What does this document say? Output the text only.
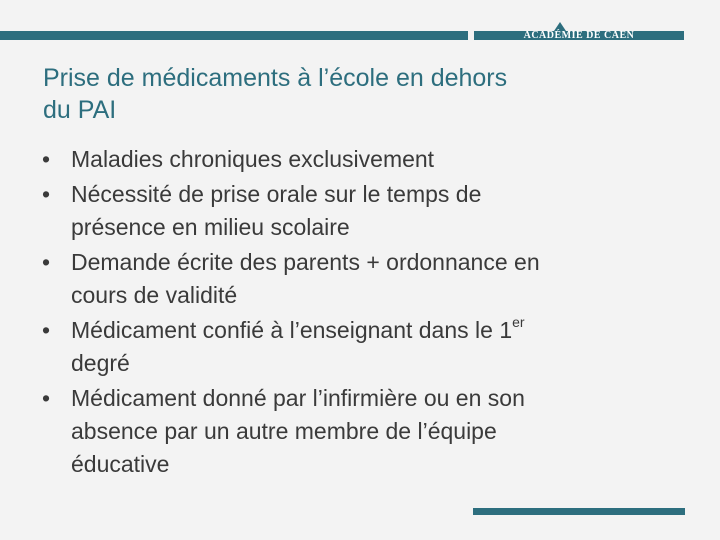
ACADÉMIE DE CAEN
Prise de médicaments à l’école en dehors
du PAI
• Maladies chroniques exclusivement
• Nécessité de prise orale sur le temps de
présence en milieu scolaire
• Demande écrite des parents + ordonnance en
cours de validité
• Médicament confié à l’enseignant dans le 1er
degré
• Médicament donné par l’infirmière ou en son
absence par un autre membre de l’équipe
éducative
